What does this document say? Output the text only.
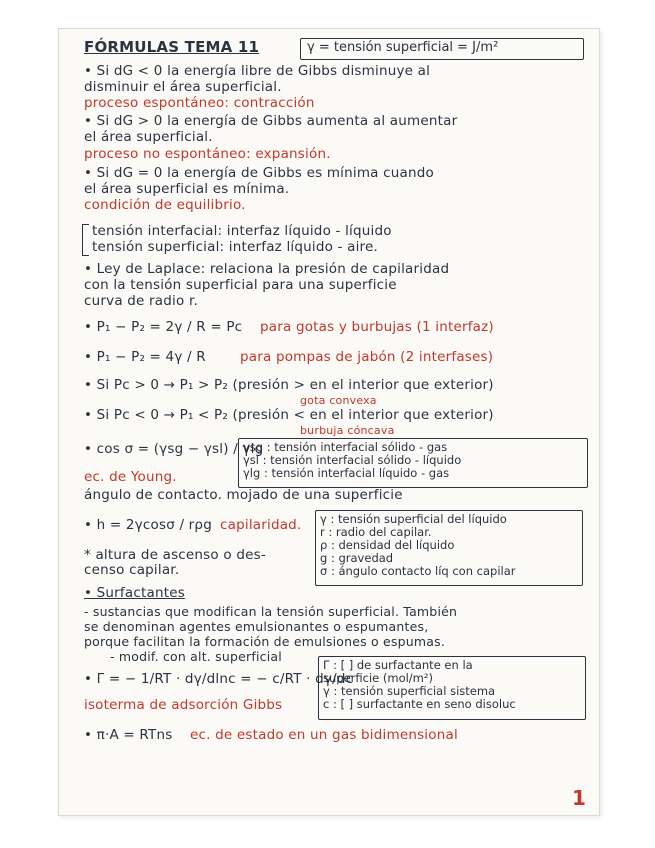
FÓRMULAS TEMA 11	γ = tensión superficial = J/m²
• Si dG < 0 la energía libre de Gibbs disminuye al
disminuir el área superficial.
proceso espontáneo: contracción
• Si dG > 0 la energía de Gibbs aumenta al aumentar
el área superficial.
proceso no espontáneo: expansión.
• Si dG = 0 la energía de Gibbs es mínima cuando
el área superficial es mínima.
condición de equilibrio.
tensión interfacial: interfaz líquido - líquido
tensión superficial: interfaz líquido - aire.
• Ley de Laplace: relaciona la presión de capilaridad
con la tensión superficial para una superficie
curva de radio r.
• P₁ − P₂ = 2γ / R = Pc	para gotas y burbujas (1 interfaz)
• P₁ − P₂ = 4γ / R	para pompas de jabón (2 interfases)
• Si Pc > 0 → P₁ > P₂ (presión > en el interior que exterior)
gota convexa
• Si Pc < 0 → P₁ < P₂ (presión < en el interior que exterior)
burbuja cóncava
• cos σ = (γsg − γsl) / γlg
ec. de Young.
γsg : tensión interfacial sólido - gas
γsl : tensión interfacial sólido - líquido
γlg : tensión interfacial líquido - gas
ángulo de contacto. mojado de una superficie
• h = 2γcosσ / rρg capilaridad.
* altura de ascenso o des-
censo capilar.
γ : tensión superficial del líquido
r : radio del capilar.
ρ : densidad del líquido
g : gravedad
σ : ángulo contacto líq con capilar
• Surfactantes
- sustancias que modifican la tensión superficial. También
se denominan agentes emulsionantes o espumantes,
porque facilitan la formación de emulsiones o espumas.
- modif. con alt. superficial
• Γ = − 1/RT · dγ/dlnc = − c/RT · dγ/dc
isoterma de adsorción Gibbs
Γ : [ ] de surfactante en la
superficie (mol/m²)
γ : tensión superficial sistema
c : [ ] surfactante en seno disoluc
• π·A = RTns	ec. de estado en un gas bidimensional
1
